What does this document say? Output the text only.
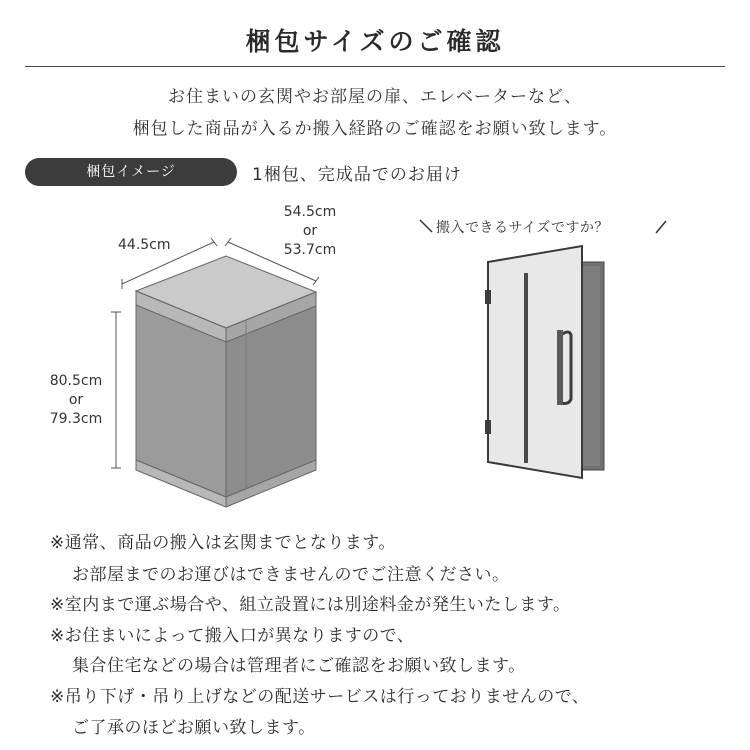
梱包サイズのご確認
お住まいの玄関やお部屋の扉、エレベーターなど、
梱包した商品が入るか搬入経路のご確認をお願い致します。
梱包イメージ	1梱包、完成品でのお届け
44.5cm
54.5cm
or
53.7cm
80.5cm
or
79.3cm
搬入できるサイズですか？
※通常、商品の搬入は玄関までとなります。
お部屋までのお運びはできませんのでご注意ください。
※室内まで運ぶ場合や、組立設置には別途料金が発生いたします。
※お住まいによって搬入口が異なりますので、
集合住宅などの場合は管理者にご確認をお願い致します。
※吊り下げ・吊り上げなどの配送サービスは行っておりませんので、
ご了承のほどお願い致します。
